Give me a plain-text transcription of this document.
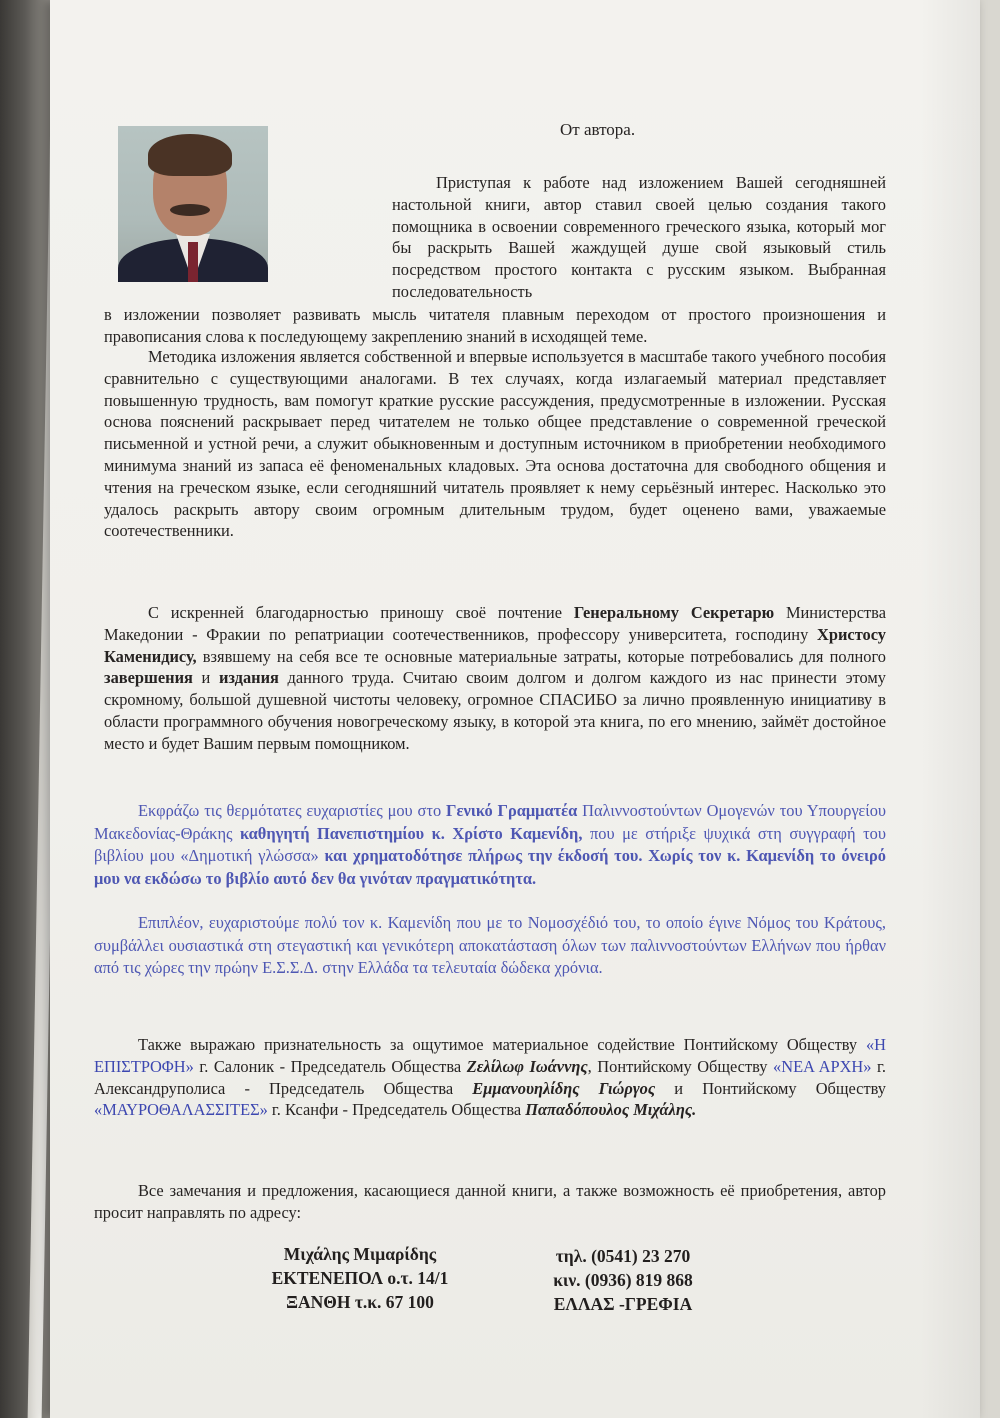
От автора.

Приступая к работе над изложением Вашей сегодняшней настольной книги, автор ставил своей целью создания такого помощника в освоении современного греческого языка, который мог бы раскрыть Вашей жаждущей душе свой языковый стиль посредством простого контакта с русским языком. Выбранная последовательность

в изложении позволяет развивать мысль читателя плавным переходом от простого произношения и правописания слова к последующему закреплению знаний в исходящей теме.

Методика изложения является собственной и впервые используется в масштабе такого учебного пособия сравнительно с существующими аналогами. В тех случаях, когда излагаемый материал представляет повышенную трудность, вам помогут краткие русские рассуждения, предусмотренные в изложении. Русская основа пояснений раскрывает перед читателем не только общее представление о современной греческой письменной и устной речи, а служит обыкновенным и доступным источником в приобретении необходимого минимума знаний из запаса её феноменальных кладовых. Эта основа достаточна для свободного общения и чтения на греческом языке, если сегодняшний читатель проявляет к нему серьёзный интерес. Насколько это удалось раскрыть автору своим огромным длительным трудом, будет оценено вами, уважаемые соотечественники.

С искренней благодарностью приношу своё почтение Генеральному Секретарю Министерства Македонии - Фракии по репатриации соотечественников, профессору университета, господину Христосу Каменидису, взявшему на себя все те основные материальные затраты, которые потребовались для полного завершения и издания данного труда. Считаю своим долгом и долгом каждого из нас принести этому скромному, большой душевной чистоты человеку, огромное СПАСИБО за лично проявленную инициативу в области программного обучения новогреческому языку, в которой эта книга, по его мнению, займёт достойное место и будет Вашим первым помощником.

Εκφράζω τις θερμότατες ευχαριστίες μου στο Γενικό Γραμματέα Παλιννοστούντων Ομογενών του Υπουργείου Μακεδονίας-Θράκης καθηγητή Πανεπιστημίου κ. Χρίστο Καμενίδη, που με στήριξε ψυχικά στη συγγραφή του βιβλίου μου «Δημοτική γλώσσα» και χρηματοδότησε πλήρως την έκδοσή του. Χωρίς τον κ. Καμενίδη το όνειρό μου να εκδώσω το βιβλίο αυτό δεν θα γινόταν πραγματικότητα.

Επιπλέον, ευχαριστούμε πολύ τον κ. Καμενίδη που με το Νομοσχέδιό του, το οποίο έγινε Νόμος του Κράτους, συμβάλλει ουσιαστικά στη στεγαστική και γενικότερη αποκατάσταση όλων των παλιννοστούντων Ελλήνων που ήρθαν από τις χώρες την πρώην Ε.Σ.Σ.Δ. στην Ελλάδα τα τελευταία δώδεκα χρόνια.

Также выражаю признательность за ощутимое материальное содействие Понтийскому Обществу «Η ΕΠΙΣΤΡΟΦΗ» г. Салоник - Председатель Общества Ζελίλωφ Ιωάννης, Понтийскому Обществу «ΝΕΑ ΑΡΧΗ» г. Александруполиса - Председатель Общества Εμμανουηλίδης Γιώργος и Понтийскому Обществу «ΜΑΥΡΟΘΑΛΑΣΣΙΤΕΣ» г. Ксанфи - Председатель Общества Παπαδόπουλος Μιχάλης.

Все замечания и предложения, касающиеся данной книги, а также возможность её приобретения, автор просит направлять по адресу:

Μιχάλης Μιμαρίδης
ΕΚΤΕΝΕΠΟΛ ο.τ. 14/1
ΞΑΝΘΗ τ.κ. 67 100
τηλ. (0541) 23 270
κιν. (0936) 819 868
ΕΛΛΑΣ -ΓΡΕΦΙΑ
